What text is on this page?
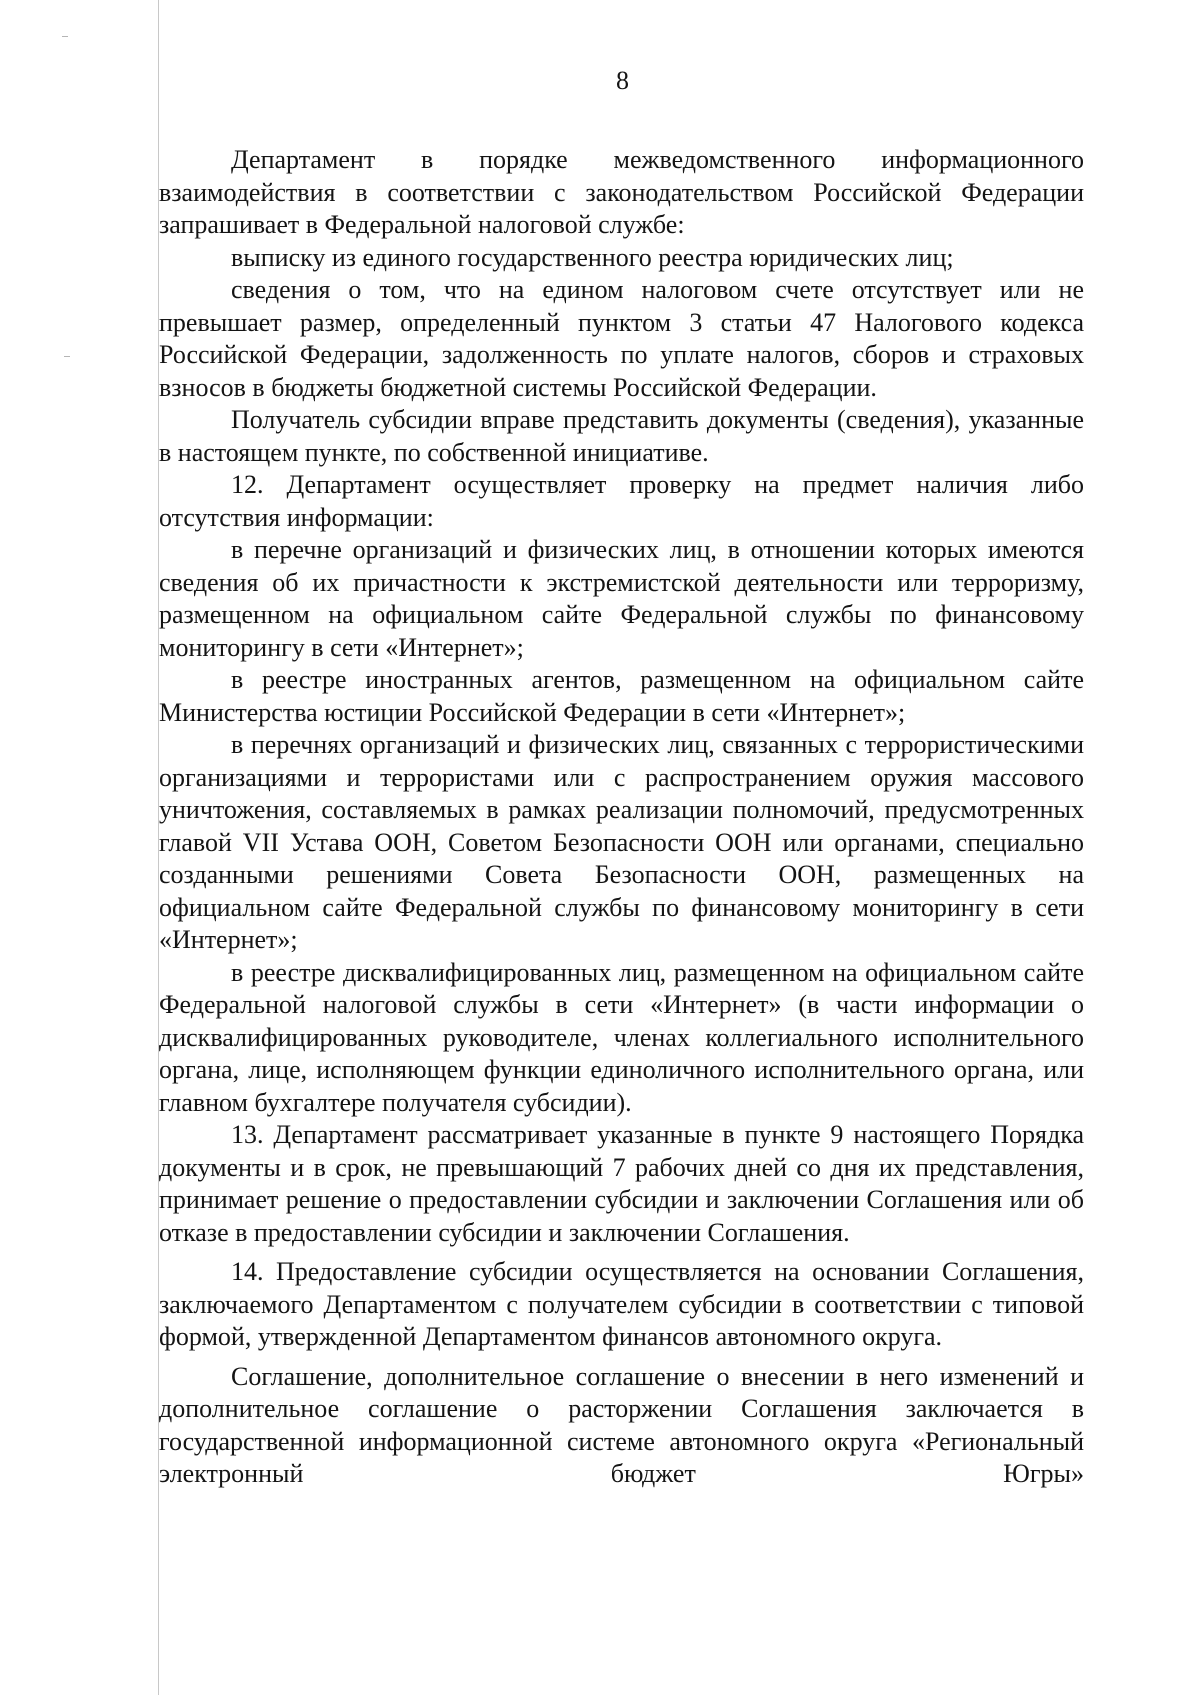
8

Департамент в порядке межведомственного информационного взаимодействия в соответствии с законодательством Российской Федерации запрашивает в Федеральной налоговой службе:

выписку из единого государственного реестра юридических лиц;

сведения о том, что на едином налоговом счете отсутствует или не превышает размер, определенный пунктом 3 статьи 47 Налогового кодекса Российской Федерации, задолженность по уплате налогов, сборов и страховых взносов в бюджеты бюджетной системы Российской Федерации.

Получатель субсидии вправе представить документы (сведения), указанные в настоящем пункте, по собственной инициативе.

12. Департамент осуществляет проверку на предмет наличия либо отсутствия информации:

в перечне организаций и физических лиц, в отношении которых имеются сведения об их причастности к экстремистской деятельности или терроризму, размещенном на официальном сайте Федеральной службы по финансовому мониторингу в сети «Интернет»;

в реестре иностранных агентов, размещенном на официальном сайте Министерства юстиции Российской Федерации в сети «Интернет»;

в перечнях организаций и физических лиц, связанных с террористическими организациями и террористами или с распространением оружия массового уничтожения, составляемых в рамках реализации полномочий, предусмотренных главой VII Устава ООН, Советом Безопасности ООН или органами, специально созданными решениями Совета Безопасности ООН, размещенных на официальном сайте Федеральной службы по финансовому мониторингу в сети «Интернет»;

в реестре дисквалифицированных лиц, размещенном на официальном сайте Федеральной налоговой службы в сети «Интернет» (в части информации о дисквалифицированных руководителе, членах коллегиального исполнительного органа, лице, исполняющем функции единоличного исполнительного органа, или главном бухгалтере получателя субсидии).

13. Департамент рассматривает указанные в пункте 9 настоящего Порядка документы и в срок, не превышающий 7 рабочих дней со дня их представления, принимает решение о предоставлении субсидии и заключении Соглашения или об отказе в предоставлении субсидии и заключении Соглашения.

14. Предоставление субсидии осуществляется на основании Соглашения, заключаемого Департаментом с получателем субсидии в соответствии с типовой формой, утвержденной Департаментом финансов автономного округа.

Соглашение, дополнительное соглашение о внесении в него изменений и дополнительное соглашение о расторжении Соглашения заключается в государственной информационной системе автономного округа «Региональный электронный бюджет Югры»
